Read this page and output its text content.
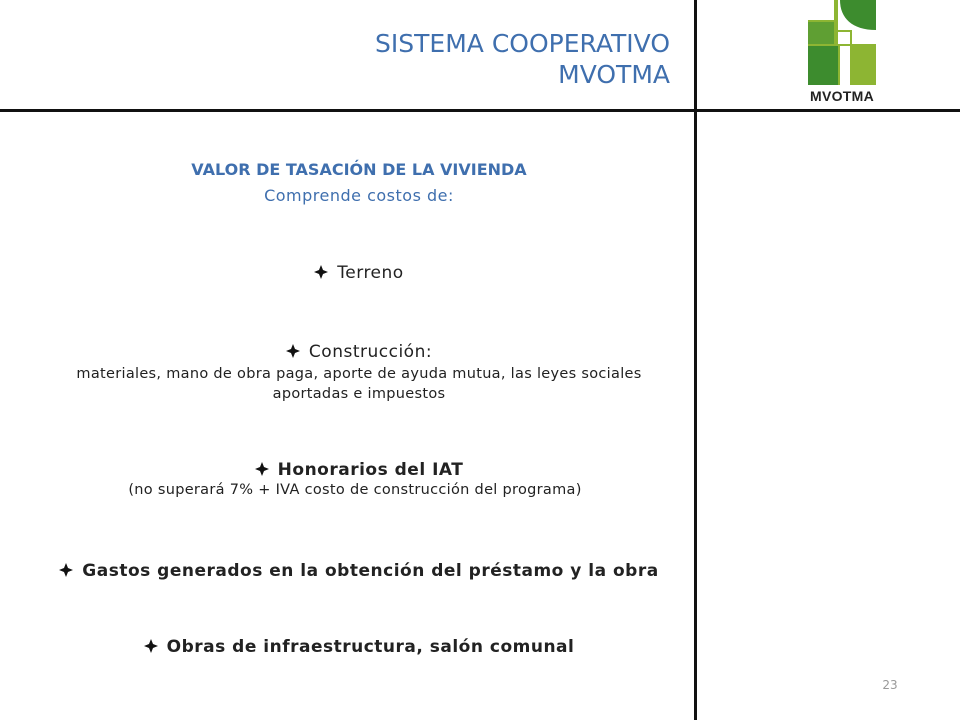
SISTEMA COOPERATIVO
MVOTMA
MVOTMA
VALOR DE TASACIÓN DE LA VIVIENDA
Comprende costos de:
Terreno
Construcción:
materiales, mano de obra paga, aporte de ayuda mutua, las leyes sociales aportadas e impuestos
Honorarios del IAT
(no superará 7% + IVA costo de construcción del programa)
Gastos generados en la obtención del préstamo y la obra
Obras de infraestructura, salón comunal
23
